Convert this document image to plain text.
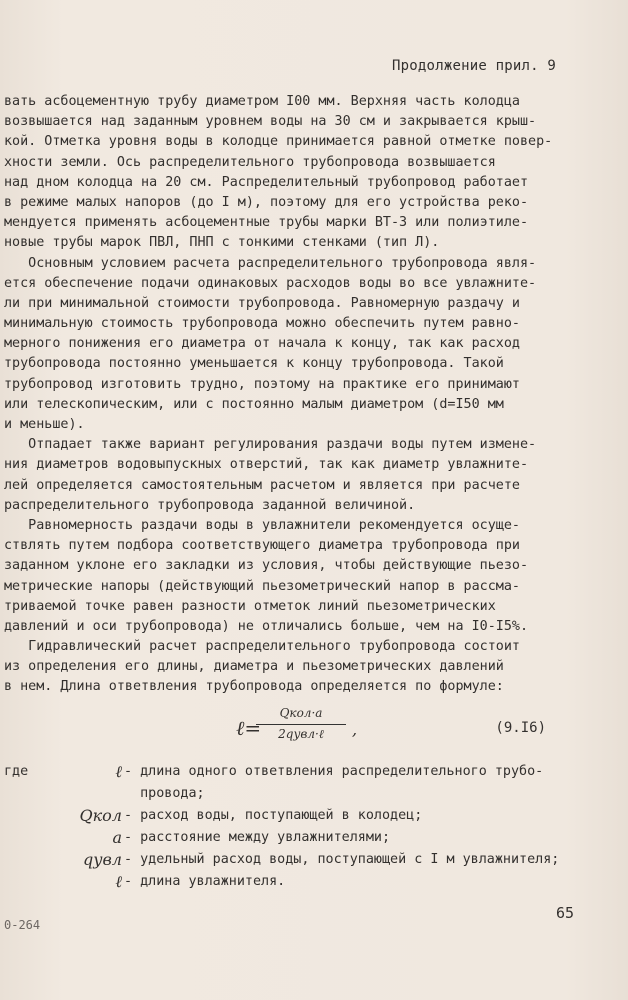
Продолжение прил. 9
вать асбоцементную трубу диаметром I00 мм. Верхняя часть колодца
возвышается над заданным уровнем воды на 30 см и закрывается крыш-
кой. Отметка уровня воды в колодце принимается равной отметке повер-
хности земли. Ось распределительного трубопровода возвышается
над дном колодца на 20 см. Распределительный трубопровод работает
в режиме малых напоров (до I м), поэтому для его устройства реко-
мендуется применять асбоцементные трубы марки ВТ-3 или полиэтиле-
новые трубы марок ПВЛ, ПНП с тонкими стенками (тип Л).
Основным условием расчета распределительного трубопровода явля-
ется обеспечение подачи одинаковых расходов воды во все увлажните-
ли при минимальной стоимости трубопровода. Равномерную раздачу и
минимальную стоимость трубопровода можно обеспечить путем равно-
мерного понижения его диаметра от начала к концу, так как расход
трубопровода постоянно уменьшается к концу трубопровода. Такой
трубопровод изготовить трудно, поэтому на практике его принимают
или телескопическим, или с постоянно малым диаметром (d=I50 мм
и меньше).
Отпадает также вариант регулирования раздачи воды путем измене-
ния диаметров водовыпускных отверстий, так как диаметр увлажните-
лей определяется самостоятельным расчетом и является при расчете
распределительного трубопровода заданной величиной.
Равномерность раздачи воды в увлажнители рекомендуется осуще-
ствлять путем подбора соответствующего диаметра трубопровода при
заданном уклоне его закладки из условия, чтобы действующие пьезо-
метрические напоры (действующий пьезометрический напор в рассма-
триваемой точке равен разности отметок линий пьезометрических
давлений и оси трубопровода) не отличались больше, чем на I0-I5%.
Гидравлический расчет распределительного трубопровода состоит
из определения его длины, диаметра и пьезометрических давлений
в нем. Длина ответвления трубопровода определяется по формуле:
ℓ=
Qкол·a
2qувл·ℓ	,	(9.I6)
где	ℓ - длина одного ответвления распределительного трубо-
провода;
Qкол - расход воды, поступающей в колодец;
a - расстояние между увлажнителями;
qувл - удельный расход воды, поступающей с I м увлажнителя;
ℓ - длина увлажнителя.
0-264
65
